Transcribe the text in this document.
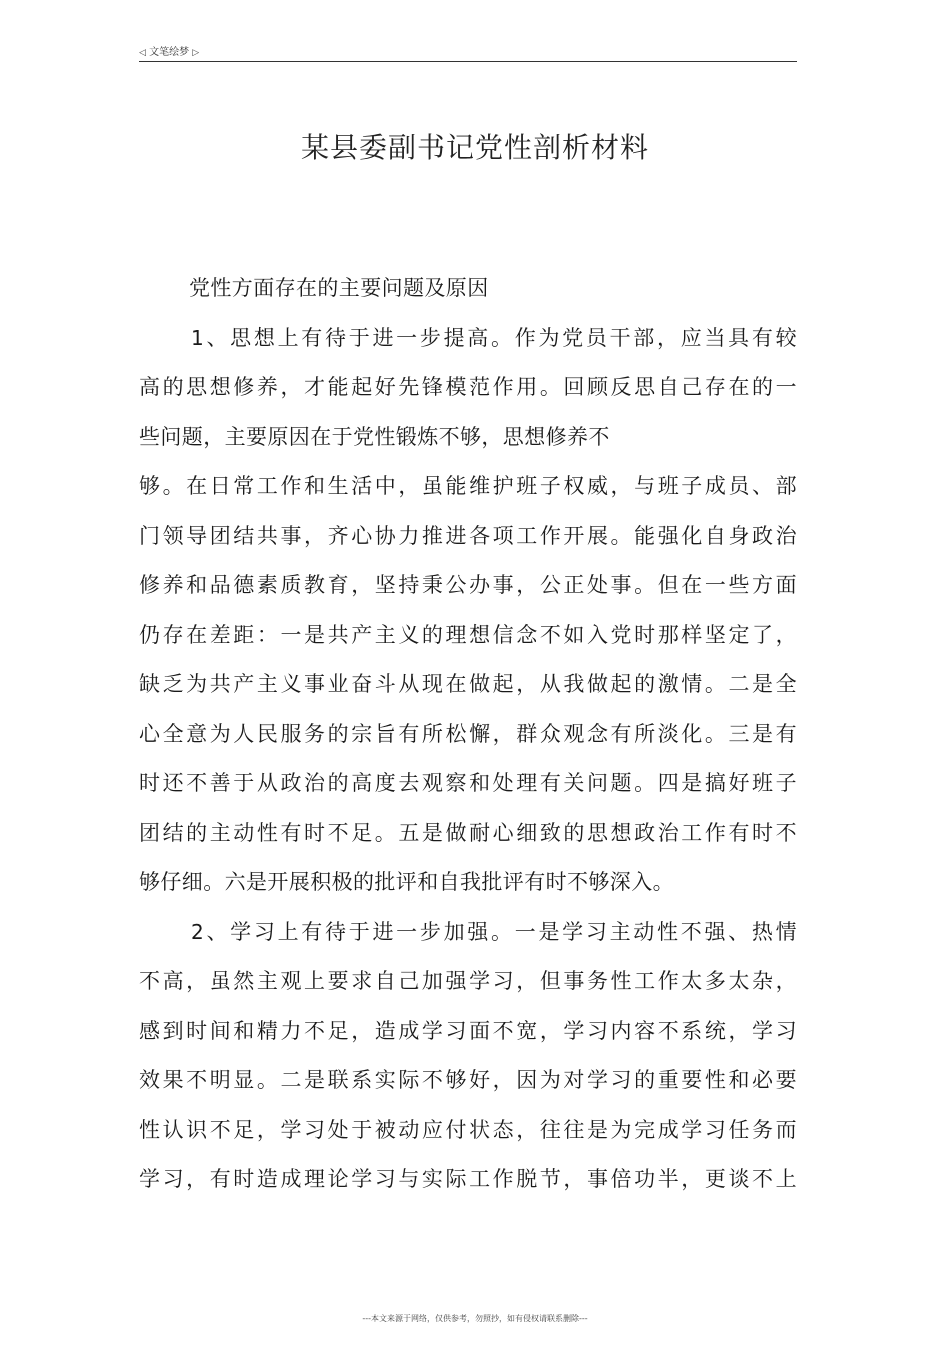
◁ 文笔绘梦 ▷
某县委副书记党性剖析材料
党性方面存在的主要问题及原因
1、思想上有待于进一步提高。作为党员干部，应当具有较
高的思想修养，才能起好先锋模范作用。回顾反思自己存在的一
些问题，主要原因在于党性锻炼不够，思想修养不
够。在日常工作和生活中，虽能维护班子权威，与班子成员、部
门领导团结共事，齐心协力推进各项工作开展。能强化自身政治
修养和品德素质教育，坚持秉公办事，公正处事。但在一些方面
仍存在差距：一是共产主义的理想信念不如入党时那样坚定了，
缺乏为共产主义事业奋斗从现在做起，从我做起的激情。二是全
心全意为人民服务的宗旨有所松懈，群众观念有所淡化。三是有
时还不善于从政治的高度去观察和处理有关问题。四是搞好班子
团结的主动性有时不足。五是做耐心细致的思想政治工作有时不
够仔细。六是开展积极的批评和自我批评有时不够深入。
2、学习上有待于进一步加强。一是学习主动性不强、热情
不高，虽然主观上要求自己加强学习，但事务性工作太多太杂，
感到时间和精力不足，造成学习面不宽，学习内容不系统，学习
效果不明显。二是联系实际不够好，因为对学习的重要性和必要
性认识不足，学习处于被动应付状态，往往是为完成学习任务而
学习，有时造成理论学习与实际工作脱节，事倍功半，更谈不上
---本文来源于网络，仅供参考，勿照抄，如有侵权请联系删除---
